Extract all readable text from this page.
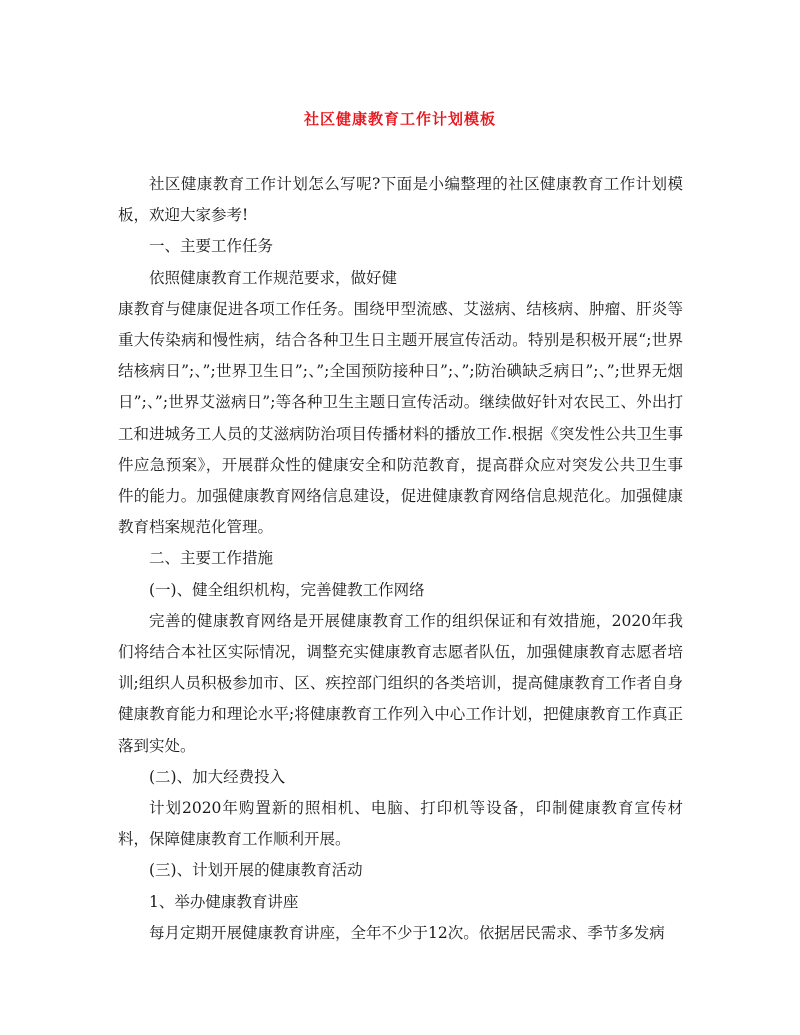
社区健康教育工作计划模板

社区健康教育工作计划怎么写呢?下面是小编整理的社区健康教育工作计划模板，欢迎大家参考!

一、主要工作任务

依照健康教育工作规范要求，做好健

康教育与健康促进各项工作任务。围绕甲型流感、艾滋病、结核病、肿瘤、肝炎等重大传染病和慢性病，结合各种卫生日主题开展宣传活动。特别是积极开展“;世界结核病日”;、”;世界卫生日”;、”;全国预防接种日”;、”;防治碘缺乏病日”;、”;世界无烟日”;、”;世界艾滋病日”;等各种卫生主题日宣传活动。继续做好针对农民工、外出打工和进城务工人员的艾滋病防治项目传播材料的播放工作.根据《突发性公共卫生事件应急预案》，开展群众性的健康安全和防范教育，提高群众应对突发公共卫生事件的能力。加强健康教育网络信息建设，促进健康教育网络信息规范化。加强健康教育档案规范化管理。

二、主要工作措施

(一)、健全组织机构，完善健教工作网络

完善的健康教育网络是开展健康教育工作的组织保证和有效措施，2020年我们将结合本社区实际情况，调整充实健康教育志愿者队伍，加强健康教育志愿者培训;组织人员积极参加市、区、疾控部门组织的各类培训，提高健康教育工作者自身健康教育能力和理论水平;将健康教育工作列入中心工作计划，把健康教育工作真正落到实处。

(二)、加大经费投入

计划2020年购置新的照相机、电脑、打印机等设备，印制健康教育宣传材料，保障健康教育工作顺利开展。

(三)、计划开展的健康教育活动

1、举办健康教育讲座

每月定期开展健康教育讲座，全年不少于12次。依据居民需求、季节多发病
